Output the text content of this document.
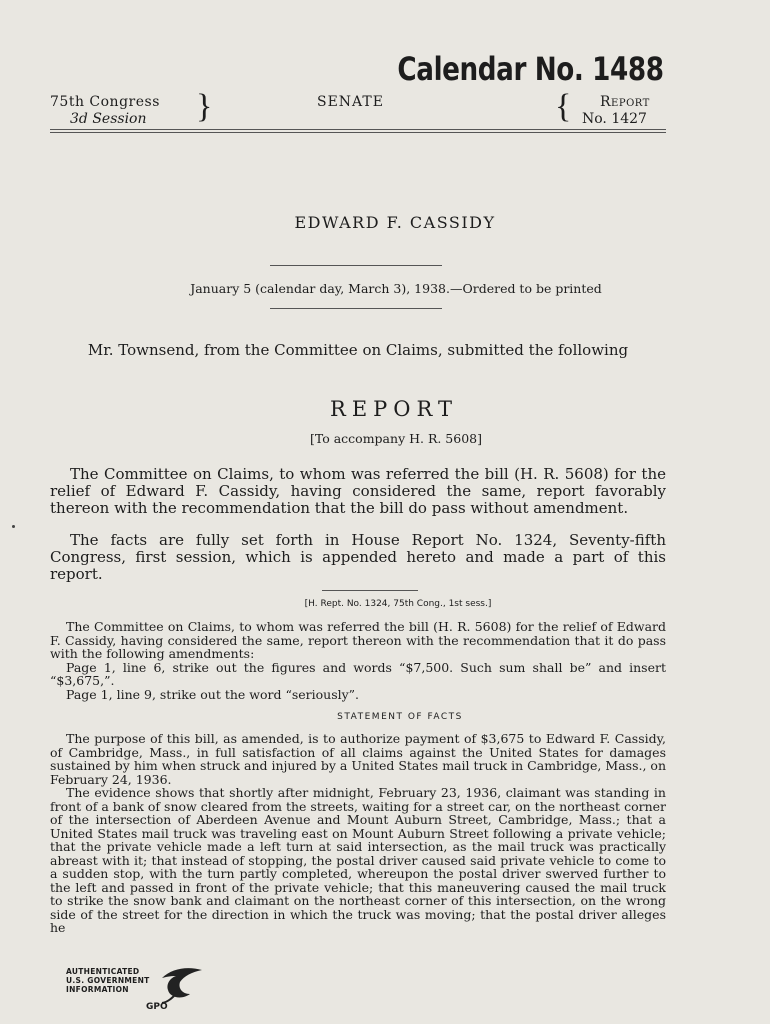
Calendar No. 1488
75th Congress
3d Session	}	SENATE	{	Report
No. 1427
EDWARD F. CASSIDY
January 5 (calendar day, March 3), 1938.—Ordered to be printed
Mr. Townsend, from the Committee on Claims, submitted the following
REPORT
[To accompany H. R. 5608]
The Committee on Claims, to whom was referred the bill (H. R. 5608) for the relief of Edward F. Cassidy, having considered the same, report favorably thereon with the recommendation that the bill do pass without amendment.
The facts are fully set forth in House Report No. 1324, Seventy-fifth Congress, first session, which is appended hereto and made a part of this report.
[H. Rept. No. 1324, 75th Cong., 1st sess.]

The Committee on Claims, to whom was referred the bill (H. R. 5608) for the relief of Edward F. Cassidy, having considered the same, report thereon with the recommendation that it do pass with the following amendments:

Page 1, line 6, strike out the figures and words “$7,500. Such sum shall be” and insert “$3,675,”.

Page 1, line 9, strike out the word “seriously”.

STATEMENT OF FACTS

The purpose of this bill, as amended, is to authorize payment of $3,675 to Edward F. Cassidy, of Cambridge, Mass., in full satisfaction of all claims against the United States for damages sustained by him when struck and injured by a United States mail truck in Cambridge, Mass., on February 24, 1936.

The evidence shows that shortly after midnight, February 23, 1936, claimant was standing in front of a bank of snow cleared from the streets, waiting for a street car, on the northeast corner of the intersection of Aberdeen Avenue and Mount Auburn Street, Cambridge, Mass.; that a United States mail truck was traveling east on Mount Auburn Street following a private vehicle; that the private vehicle made a left turn at said intersection, as the mail truck was practically abreast with it; that instead of stopping, the postal driver caused said private vehicle to come to a sudden stop, with the turn partly completed, whereupon the postal driver swerved further to the left and passed in front of the private vehicle; that this maneuvering caused the mail truck to strike the snow bank and claimant on the northeast corner of this intersection, on the wrong side of the street for the direction in which the truck was moving; that the postal driver alleges he

AUTHENTICATED
U.S. GOVERNMENT
INFORMATION
GPO
